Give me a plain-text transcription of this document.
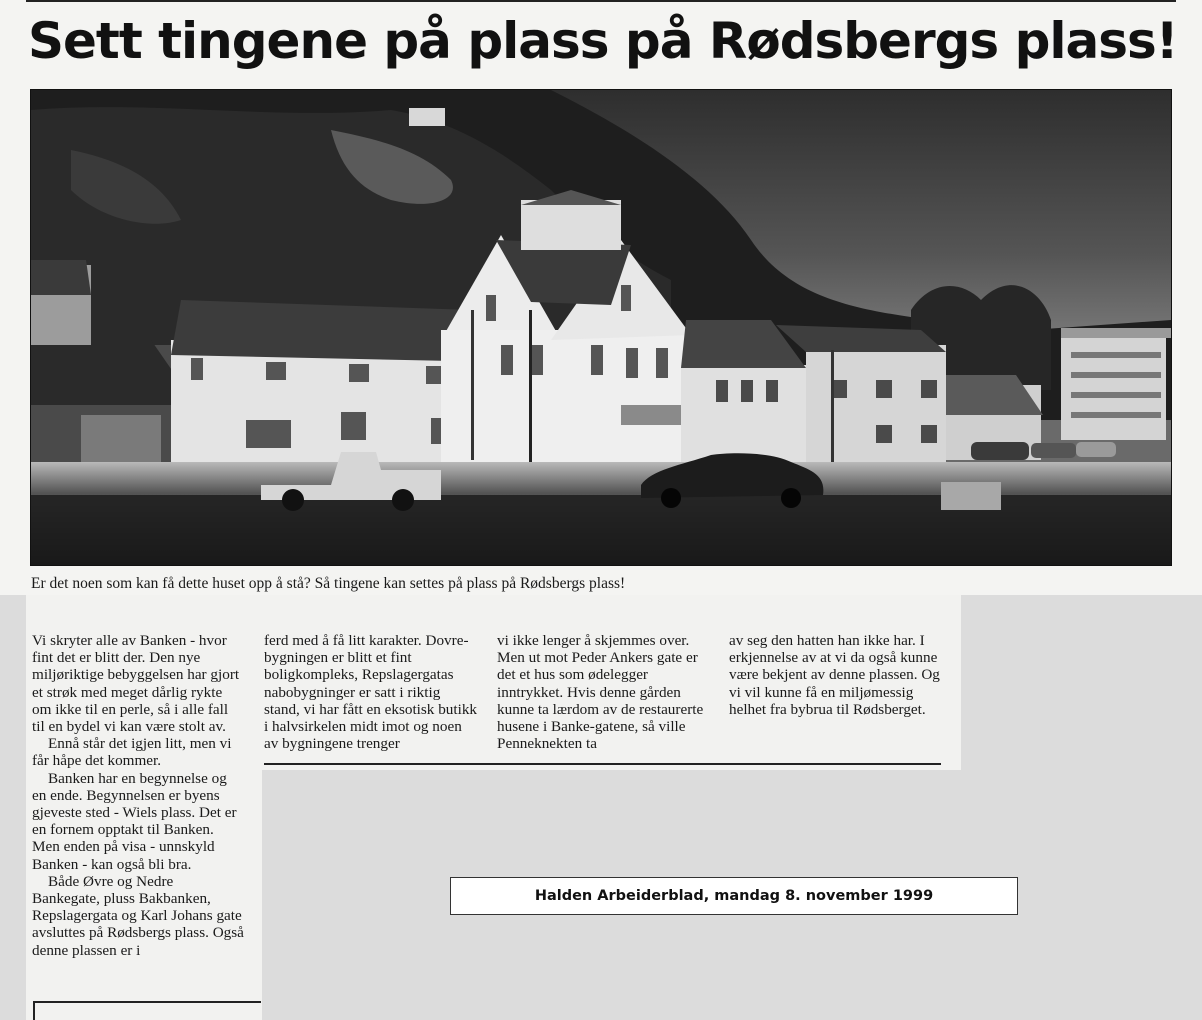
Sett tingene på plass på Rødsbergs plass!

Er det noen som kan få dette huset opp å stå? Så tingene kan settes på plass på Rødsbergs plass!

Vi skryter alle av Banken - hvor fint det er blitt der. Den nye miljøriktige bebyggelsen har gjort et strøk med meget dårlig rykte om ikke til en perle, så i alle fall til en bydel vi kan være stolt av.

Ennå står det igjen litt, men vi får håpe det kommer.

Banken har en begynnelse og en ende. Begynnelsen er byens gjeveste sted - Wiels plass. Det er en fornem opptakt til Banken. Men enden på visa - unnskyld Banken - kan også bli bra.

Både Øvre og Nedre Bankegate, pluss Bakbanken, Repslagergata og Karl Johans gate avsluttes på Rødsbergs plass. Også denne plassen er i

ferd med å få litt karakter. Dovre-bygningen er blitt et fint boligkompleks, Repslagergatas nabobygninger er satt i riktig stand, vi har fått en eksotisk butikk i halvsirkelen midt imot og noen av bygningene trenger

vi ikke lenger å skjemmes over. Men ut mot Peder Ankers gate er det et hus som ødelegger inntrykket. Hvis denne gården kunne ta lærdom av de restaurerte husene i Banke-gatene, så ville Penneknekten ta

av seg den hatten han ikke har. I erkjennelse av at vi da også kunne være bekjent av denne plassen. Og vi vil kunne få en miljømessig helhet fra bybrua til Rødsberget.

Halden Arbeiderblad, mandag 8. november 1999
